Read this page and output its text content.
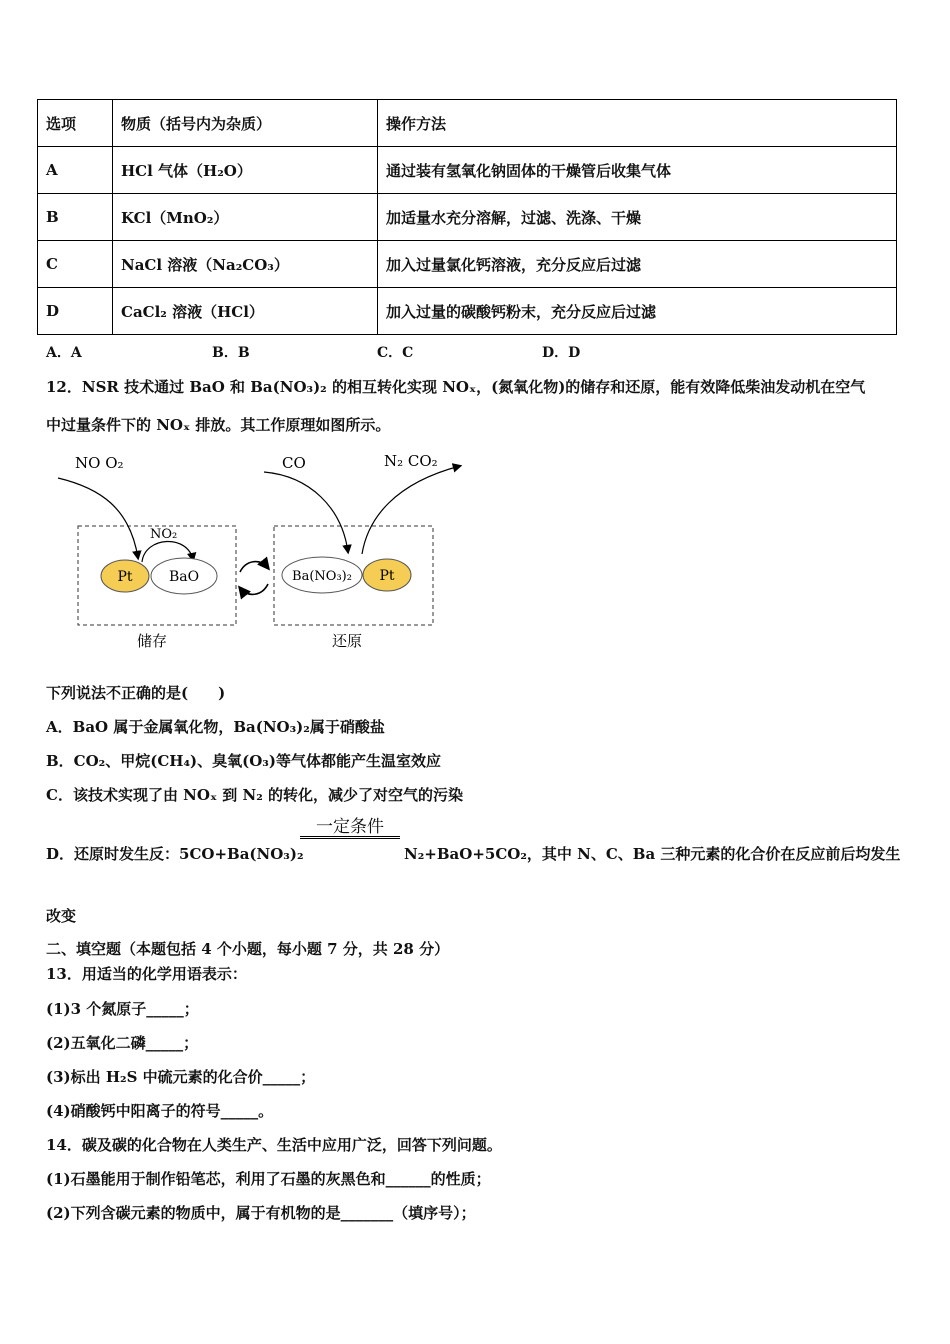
选项	物质（括号内为杂质）	操作方法
A	HCl 气体（H₂O）	通过装有氢氧化钠固体的干燥管后收集气体
B	KCl（MnO₂）	加适量水充分溶解，过滤、洗涤、干燥
C	NaCl 溶液（Na₂CO₃）	加入过量氯化钙溶液，充分反应后过滤
D	CaCl₂ 溶液（HCl）	加入过量的碳酸钙粉末，充分反应后过滤
A．A	B．B	C．C	D．D
12．NSR 技术通过 BaO 和 Ba(NO₃)₂ 的相互转化实现 NOₓ，(氮氧化物)的储存和还原，能有效降低柴油发动机在空气
中过量条件下的 NOₓ 排放。其工作原理如图所示。
NO O₂
NO₂
Pt	BaO
CO	N₂ CO₂
Ba(NO₃)₂ Pt
储存	还原
下列说法不正确的是(　　)
A．BaO 属于金属氧化物，Ba(NO₃)₂属于硝酸盐
B．CO₂、甲烷(CH₄)、臭氧(O₃)等气体都能产生温室效应
C．该技术实现了由 NOₓ 到 N₂ 的转化，减少了对空气的污染
D．还原时发生反：5CO+Ba(NO₃)₂
一定条件
N₂+BaO+5CO₂，其中 N、C、Ba 三种元素的化合价在反应前后均发生
改变
二、填空题（本题包括 4 个小题，每小题 7 分，共 28 分）
13．用适当的化学用语表示：
(1)3 个氮原子_____；
(2)五氧化二磷_____；
(3)标出 H₂S 中硫元素的化合价_____；
(4)硝酸钙中阳离子的符号_____。
14．碳及碳的化合物在人类生产、生活中应用广泛，回答下列问题。
(1)石墨能用于制作铅笔芯，利用了石墨的灰黑色和______的性质；
(2)下列含碳元素的物质中，属于有机物的是_______（填序号）；
